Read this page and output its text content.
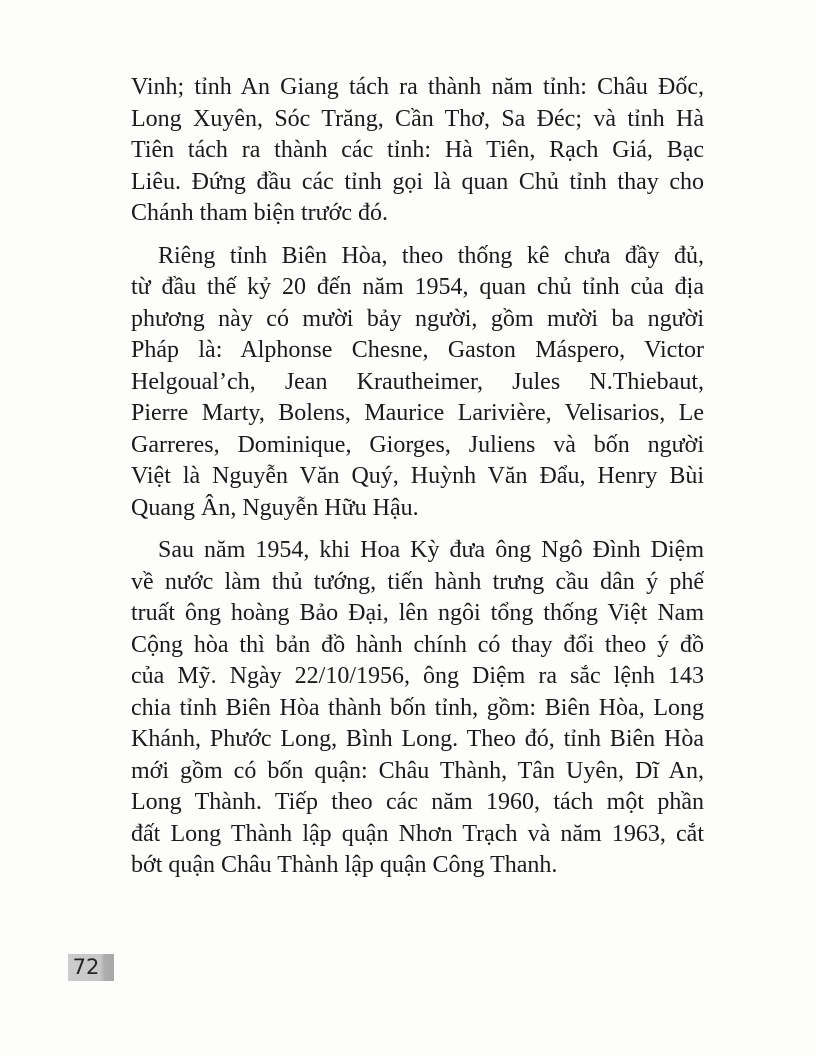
Vinh; tỉnh An Giang tách ra thành năm tỉnh: Châu Đốc,
Long Xuyên, Sóc Trăng, Cần Thơ, Sa Đéc; và tỉnh Hà
Tiên tách ra thành các tỉnh: Hà Tiên, Rạch Giá, Bạc
Liêu. Đứng đầu các tỉnh gọi là quan Chủ tỉnh thay cho
Chánh tham biện trước đó.
Riêng tỉnh Biên Hòa, theo thống kê chưa đầy đủ,
từ đầu thế kỷ 20 đến năm 1954, quan chủ tỉnh của địa
phương này có mười bảy người, gồm mười ba người
Pháp là: Alphonse Chesne, Gaston Máspero, Victor
Helgoual’ch, Jean Krautheimer, Jules N.Thiebaut,
Pierre Marty, Bolens, Maurice Larivière, Velisarios, Le
Garreres, Dominique, Giorges, Juliens và bốn người
Việt là Nguyễn Văn Quý, Huỳnh Văn Đẩu, Henry Bùi
Quang Ân, Nguyễn Hữu Hậu.
Sau năm 1954, khi Hoa Kỳ đưa ông Ngô Đình Diệm
về nước làm thủ tướng, tiến hành trưng cầu dân ý phế
truất ông hoàng Bảo Đại, lên ngôi tổng thống Việt Nam
Cộng hòa thì bản đồ hành chính có thay đổi theo ý đồ
của Mỹ. Ngày 22/10/1956, ông Diệm ra sắc lệnh 143
chia tỉnh Biên Hòa thành bốn tỉnh, gồm: Biên Hòa, Long
Khánh, Phước Long, Bình Long. Theo đó, tỉnh Biên Hòa
mới gồm có bốn quận: Châu Thành, Tân Uyên, Dĩ An,
Long Thành. Tiếp theo các năm 1960, tách một phần
đất Long Thành lập quận Nhơn Trạch và năm 1963, cắt
bớt quận Châu Thành lập quận Công Thanh.
72
